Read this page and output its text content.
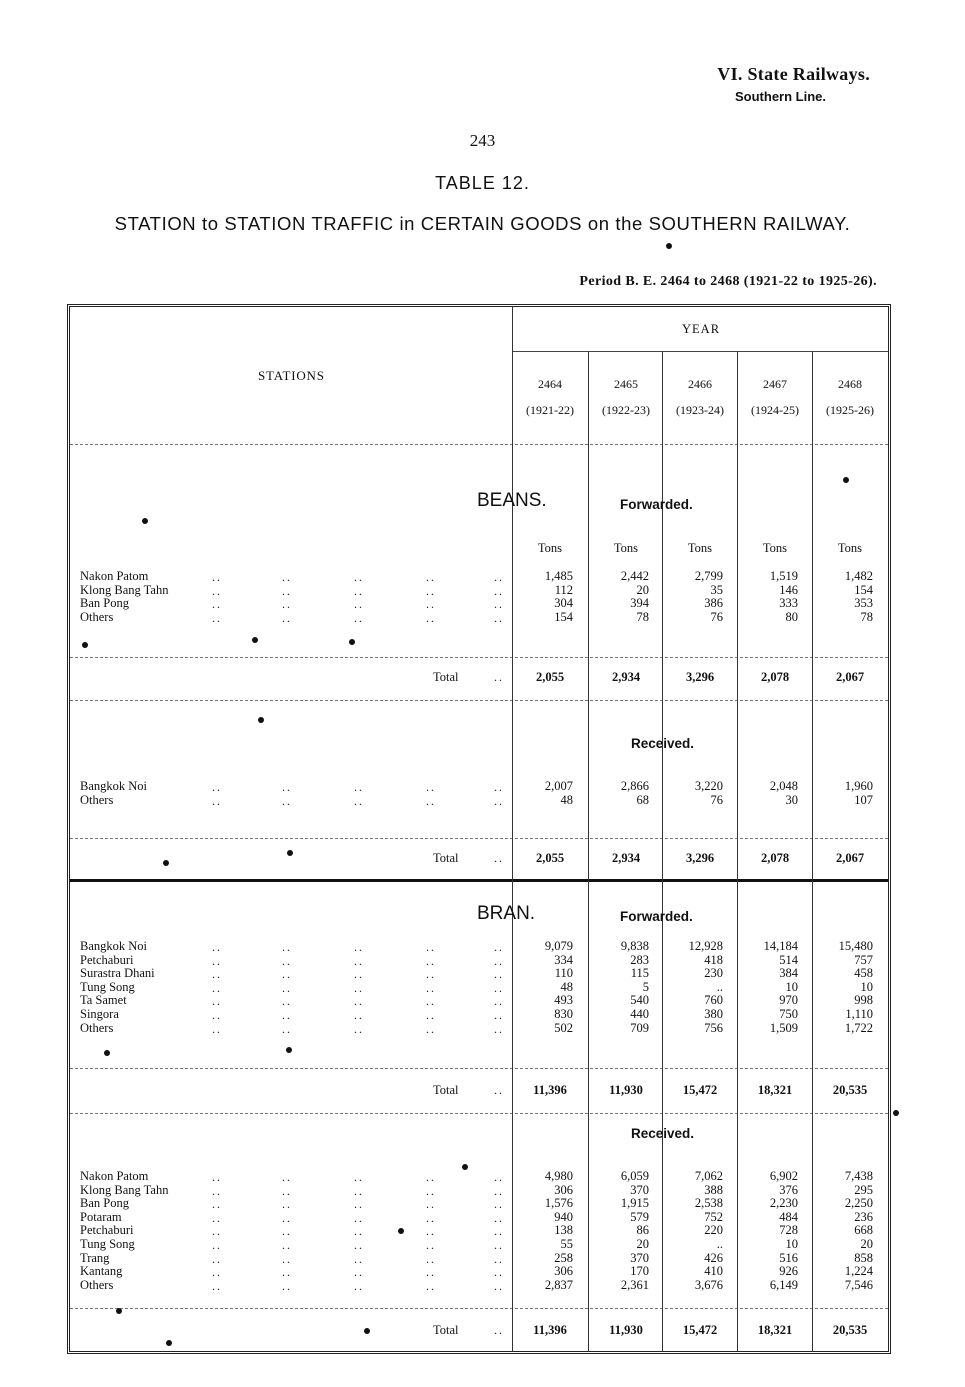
VI. State Railways.
Southern Line.
243
TABLE 12.
STATION to STATION TRAFFIC in CERTAIN GOODS on the SOUTHERN RAILWAY.
Period B. E. 2464 to 2468 (1921-22 to 1925-26).
YEAR
STATIONS
2464
(1921-22)
2465
(1922-23)
2466
(1923-24)
2467
(1924-25)
2468
(1925-26)
BEANS.	Forwarded.
Received.
BRAN.	Forwarded.
Received.
Tons	Tons	Tons	Tons	Tons
Nakon Patom	..	..	..	..	..	1,485	2,442	2,799	1,519	1,482
Klong Bang Tahn	..	..	..	..	..	112	20	35	146	154
Ban Pong	..	..	..	..	..	304	394	386	333	353
Others	..	..	..	..	..	154	78	76	80	78
Total	..	2,055	2,934	3,296	2,078	2,067
Bangkok Noi	..	..	..	..	..	2,007	2,866	3,220	2,048	1,960
Others	..	..	..	..	..	48	68	76	30	107
Total	..	2,055	2,934	3,296	2,078	2,067
Bangkok Noi	..	..	..	..	..	9,079	9,838	12,928	14,184	15,480
Petchaburi	..	..	..	..	..	334	283	418	514	757
Surastra Dhani	..	..	..	..	..	110	115	230	384	458
Tung Song	..	..	..	..	..	48	5	..	10	10
Ta Samet	..	..	..	..	..	493	540	760	970	998
Singora	..	..	..	..	..	830	440	380	750	1,110
Others	..	..	..	..	..	502	709	756	1,509	1,722
Total	..	11,396	11,930	15,472	18,321	20,535
Nakon Patom	..	..	..	..	..	4,980	6,059	7,062	6,902	7,438
Klong Bang Tahn	..	..	..	..	..	306	370	388	376	295
Ban Pong	..	..	..	..	..	1,576	1,915	2,538	2,230	2,250
Potaram	..	..	..	..	..	940	579	752	484	236
Petchaburi	..	..	..	..	..	138	86	220	728	668
Tung Song	..	..	..	..	..	55	20	..	10	20
Trang	..	..	..	..	..	258	370	426	516	858
Kantang	..	..	..	..	..	306	170	410	926	1,224
Others	..	..	..	..	..	2,837	2,361	3,676	6,149	7,546
Total	..	11,396	11,930	15,472	18,321	20,535
